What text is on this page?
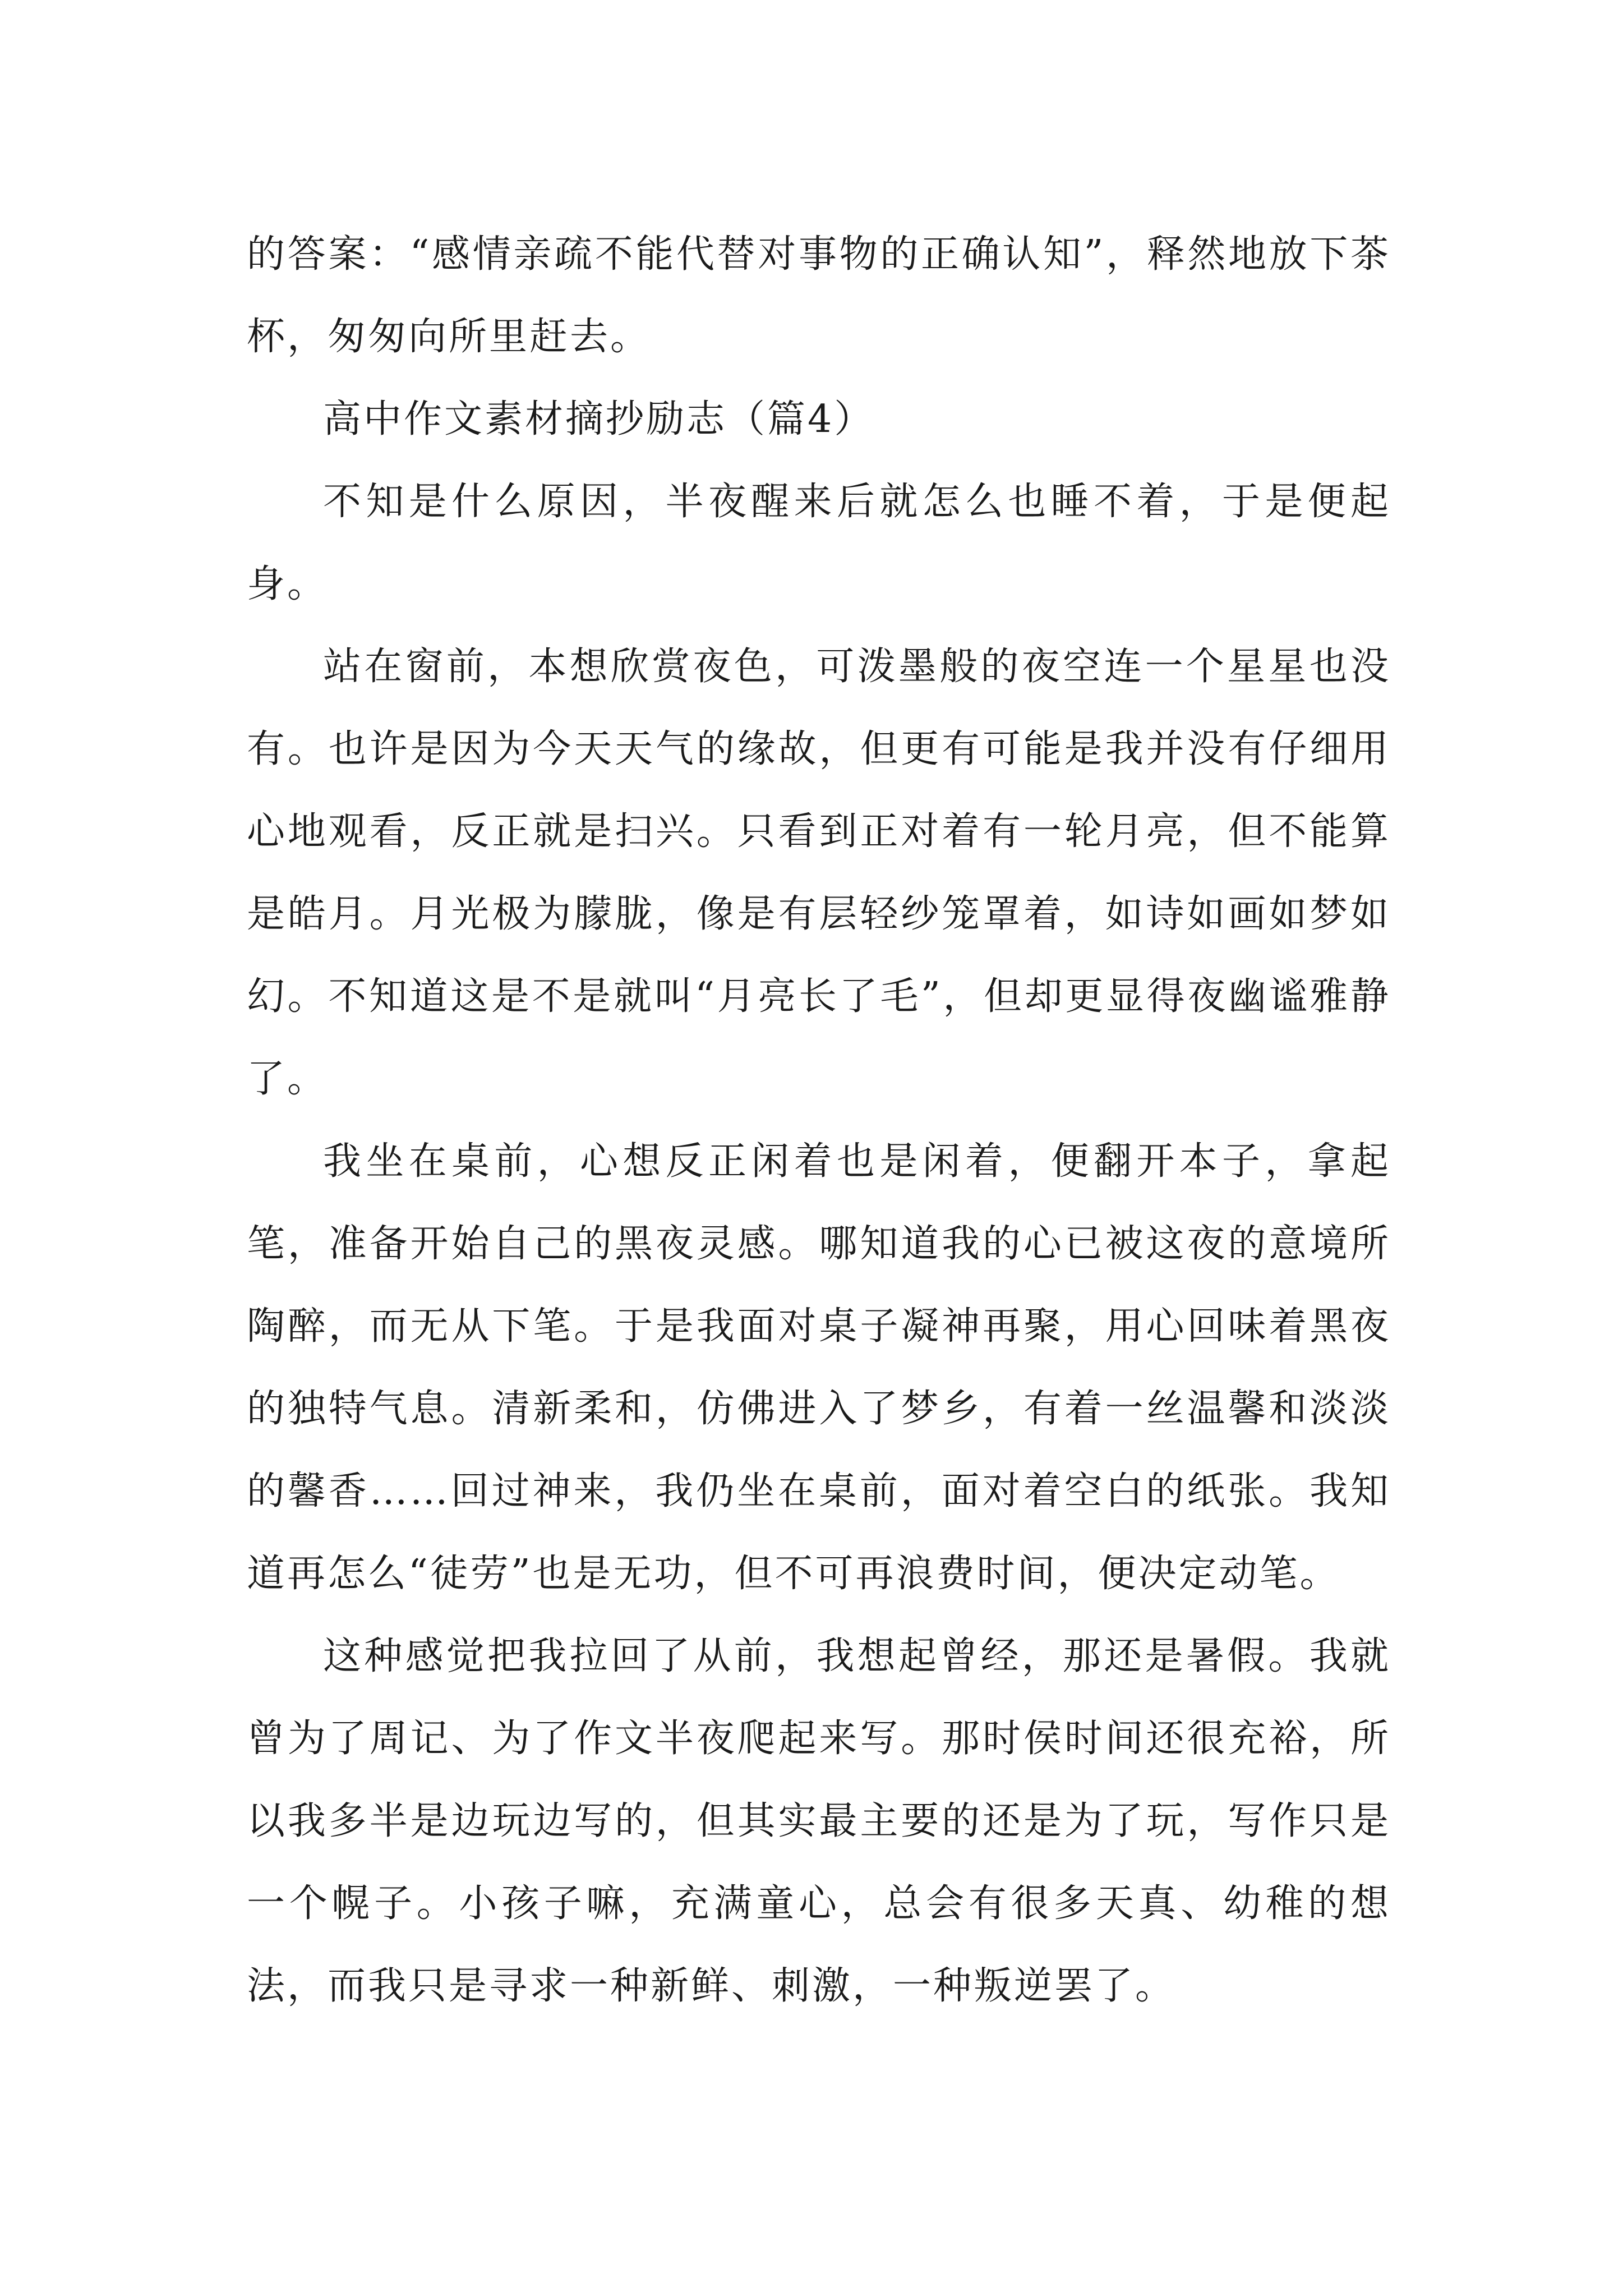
的答案：“感情亲疏不能代替对事物的正确认知”，释然地放下茶杯，匆匆向所里赶去。

高中作文素材摘抄励志（篇4）

不知是什么原因，半夜醒来后就怎么也睡不着，于是便起身。

站在窗前，本想欣赏夜色，可泼墨般的夜空连一个星星也没有。也许是因为今天天气的缘故，但更有可能是我并没有仔细用心地观看，反正就是扫兴。只看到正对着有一轮月亮，但不能算是皓月。月光极为朦胧，像是有层轻纱笼罩着，如诗如画如梦如幻。不知道这是不是就叫“月亮长了毛”，但却更显得夜幽谧雅静了。

我坐在桌前，心想反正闲着也是闲着，便翻开本子，拿起笔，准备开始自己的黑夜灵感。哪知道我的心已被这夜的意境所陶醉，而无从下笔。于是我面对桌子凝神再聚，用心回味着黑夜的独特气息。清新柔和，仿佛进入了梦乡，有着一丝温馨和淡淡的馨香……回过神来，我仍坐在桌前，面对着空白的纸张。我知道再怎么“徒劳”也是无功，但不可再浪费时间，便决定动笔。

这种感觉把我拉回了从前，我想起曾经，那还是暑假。我就曾为了周记、为了作文半夜爬起来写。那时侯时间还很充裕，所以我多半是边玩边写的，但其实最主要的还是为了玩，写作只是一个幌子。小孩子嘛，充满童心，总会有很多天真、幼稚的想法，而我只是寻求一种新鲜、刺激，一种叛逆罢了。
